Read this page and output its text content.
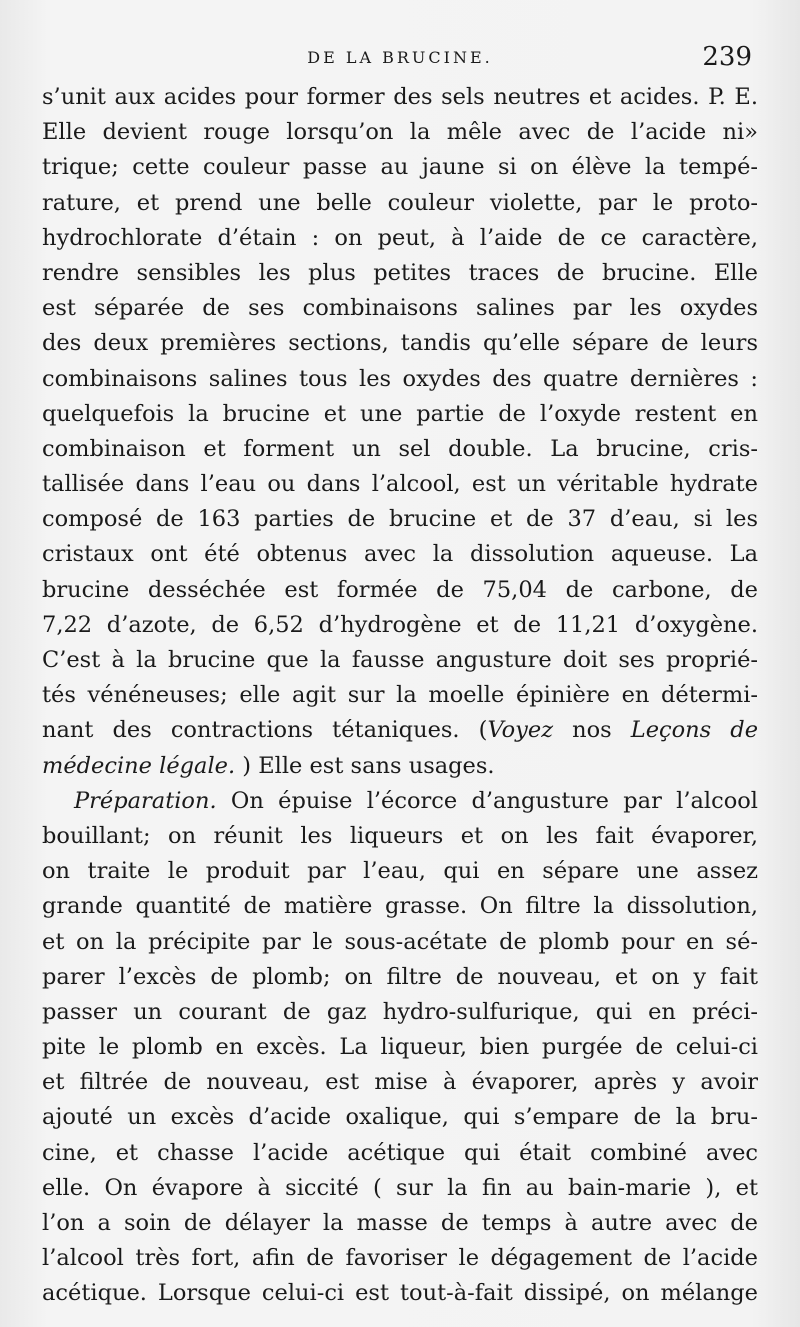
DE LA BRUCINE.	239
s’unit aux acides pour former des sels neutres et acides. P. E.
Elle devient rouge lorsqu’on la mêle avec de l’acide ni»
trique; cette couleur passe au jaune si on élève la tempé-
rature, et prend une belle couleur violette, par le proto-
hydrochlorate d’étain : on peut, à l’aide de ce caractère,
rendre sensibles les plus petites traces de brucine. Elle
est séparée de ses combinaisons salines par les oxydes
des deux premières sections, tandis qu’elle sépare de leurs
combinaisons salines tous les oxydes des quatre dernières :
quelquefois la brucine et une partie de l’oxyde restent en
combinaison et forment un sel double. La brucine, cris-
tallisée dans l’eau ou dans l’alcool, est un véritable hydrate
composé de 163 parties de brucine et de 37 d’eau, si les
cristaux ont été obtenus avec la dissolution aqueuse. La
brucine desséchée est formée de 75,04 de carbone, de
7,22 d’azote, de 6,52 d’hydrogène et de 11,21 d’oxygène.
C’est à la brucine que la fausse angusture doit ses proprié-
tés vénéneuses; elle agit sur la moelle épinière en détermi-
nant des contractions tétaniques. (Voyez nos Leçons de
médecine légale. ) Elle est sans usages.
Préparation. On épuise l’écorce d’angusture par l’alcool
bouillant; on réunit les liqueurs et on les fait évaporer,
on traite le produit par l’eau, qui en sépare une assez
grande quantité de matière grasse. On filtre la dissolution,
et on la précipite par le sous-acétate de plomb pour en sé-
parer l’excès de plomb; on filtre de nouveau, et on y fait
passer un courant de gaz hydro-sulfurique, qui en préci-
pite le plomb en excès. La liqueur, bien purgée de celui-ci
et filtrée de nouveau, est mise à évaporer, après y avoir
ajouté un excès d’acide oxalique, qui s’empare de la bru-
cine, et chasse l’acide acétique qui était combiné avec
elle. On évapore à siccité ( sur la fin au bain-marie ), et
l’on a soin de délayer la masse de temps à autre avec de
l’alcool très fort, afin de favoriser le dégagement de l’acide
acétique. Lorsque celui-ci est tout-à-fait dissipé, on mélange
